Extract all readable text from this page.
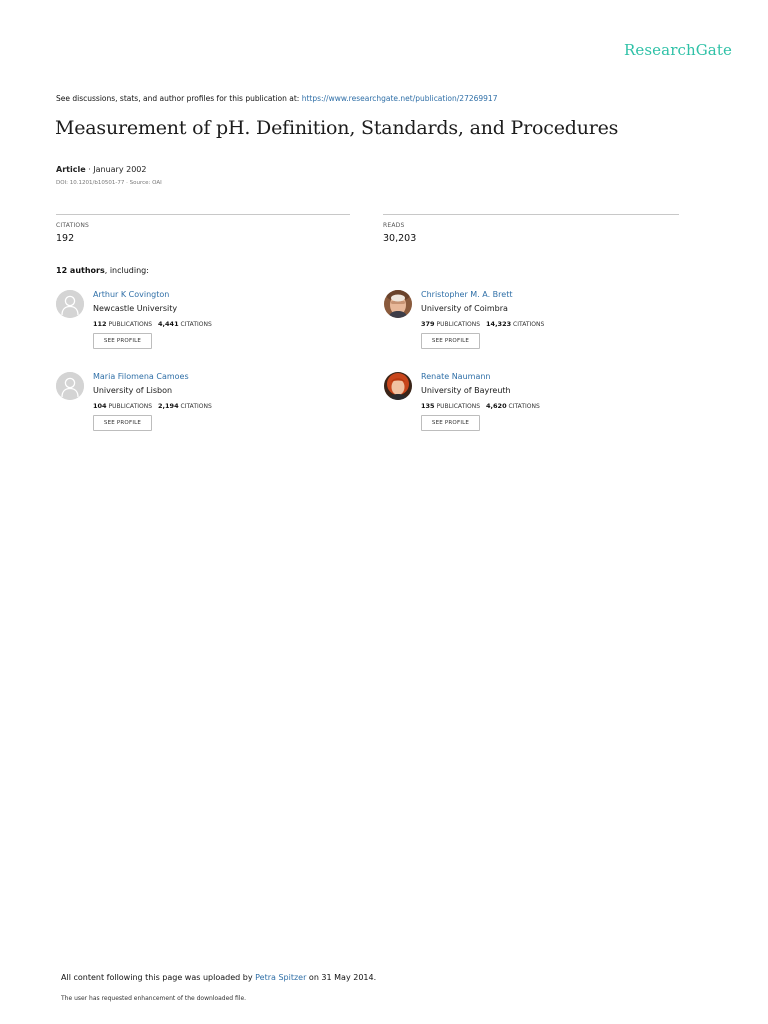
ResearchGate
See discussions, stats, and author profiles for this publication at: https://www.researchgate.net/publication/27269917
Measurement of pH. Definition, Standards, and Procedures
Article · January 2002
DOI: 10.1201/b10501-77 · Source: OAI
CITATIONS
192
READS
30,203
12 authors, including:
Arthur K Covington
Newcastle University
112 PUBLICATIONS 4,441 CITATIONS
SEE PROFILE
Christopher M. A. Brett
University of Coimbra
379 PUBLICATIONS 14,323 CITATIONS
SEE PROFILE
Maria Filomena Camoes
University of Lisbon
104 PUBLICATIONS 2,194 CITATIONS
SEE PROFILE
Renate Naumann
University of Bayreuth
135 PUBLICATIONS 4,620 CITATIONS
SEE PROFILE
All content following this page was uploaded by Petra Spitzer on 31 May 2014.
The user has requested enhancement of the downloaded file.
